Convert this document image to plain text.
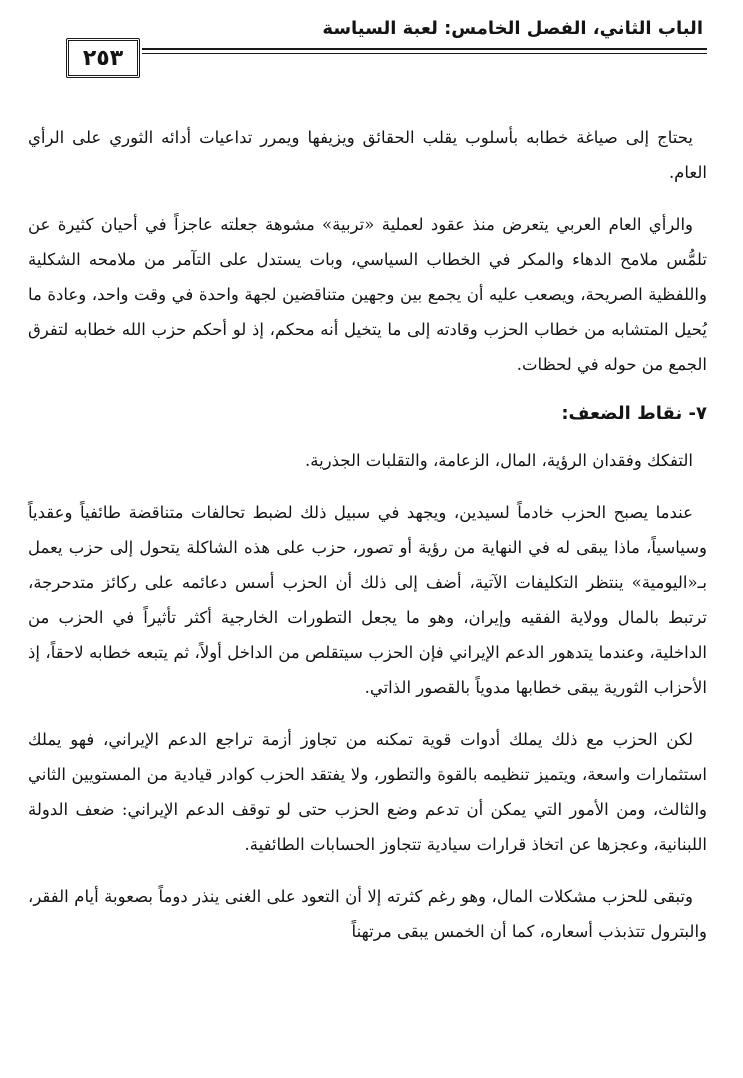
الباب الثاني، الفصل الخامس: لعبة السياسة
٢٥٣

يحتاج إلى صياغة خطابه بأسلوب يقلب الحقائق ويزيفها ويمرر تداعيات أدائه الثوري على الرأي العام.

والرأي العام العربي يتعرض منذ عقود لعملية «تربية» مشوهة جعلته عاجزاً في أحيان كثيرة عن تلمُّس ملامح الدهاء والمكر في الخطاب السياسي، وبات يستدل على التآمر من ملامحه الشكلية واللفظية الصريحة، ويصعب عليه أن يجمع بين وجهين متناقضين لجهة واحدة في وقت واحد، وعادة ما يُحيل المتشابه من خطاب الحزب وقادته إلى ما يتخيل أنه محكم، إذ لو أحكم حزب الله خطابه لتفرق الجمع من حوله في لحظات.

٧- نقاط الضعف:

التفكك وفقدان الرؤية، المال، الزعامة، والتقلبات الجذرية.

عندما يصبح الحزب خادماً لسيدين، ويجهد في سبيل ذلك لضبط تحالفات متناقضة طائفياً وعقدياً وسياسياً، ماذا يبقى له في النهاية من رؤية أو تصور، حزب على هذه الشاكلة يتحول إلى حزب يعمل بـ«اليومية» ينتظر التكليفات الآتية، أضف إلى ذلك أن الحزب أسس دعائمه على ركائز متدحرجة، ترتبط بالمال وولاية الفقيه وإيران، وهو ما يجعل التطورات الخارجية أكثر تأثيراً في الحزب من الداخلية، وعندما يتدهور الدعم الإيراني فإن الحزب سيتقلص من الداخل أولاً، ثم يتبعه خطابه لاحقاً، إذ الأحزاب الثورية يبقى خطابها مدوياً بالقصور الذاتي.

لكن الحزب مع ذلك يملك أدوات قوية تمكنه من تجاوز أزمة تراجع الدعم الإيراني، فهو يملك استثمارات واسعة، ويتميز تنظيمه بالقوة والتطور، ولا يفتقد الحزب كوادر قيادية من المستويين الثاني والثالث، ومن الأمور التي يمكن أن تدعم وضع الحزب حتى لو توقف الدعم الإيراني: ضعف الدولة اللبنانية، وعجزها عن اتخاذ قرارات سيادية تتجاوز الحسابات الطائفية.

وتبقى للحزب مشكلات المال، وهو رغم كثرته إلا أن التعود على الغنى ينذر دوماً بصعوبة أيام الفقر، والبترول تتذبذب أسعاره، كما أن الخمس يبقى مرتهناً
